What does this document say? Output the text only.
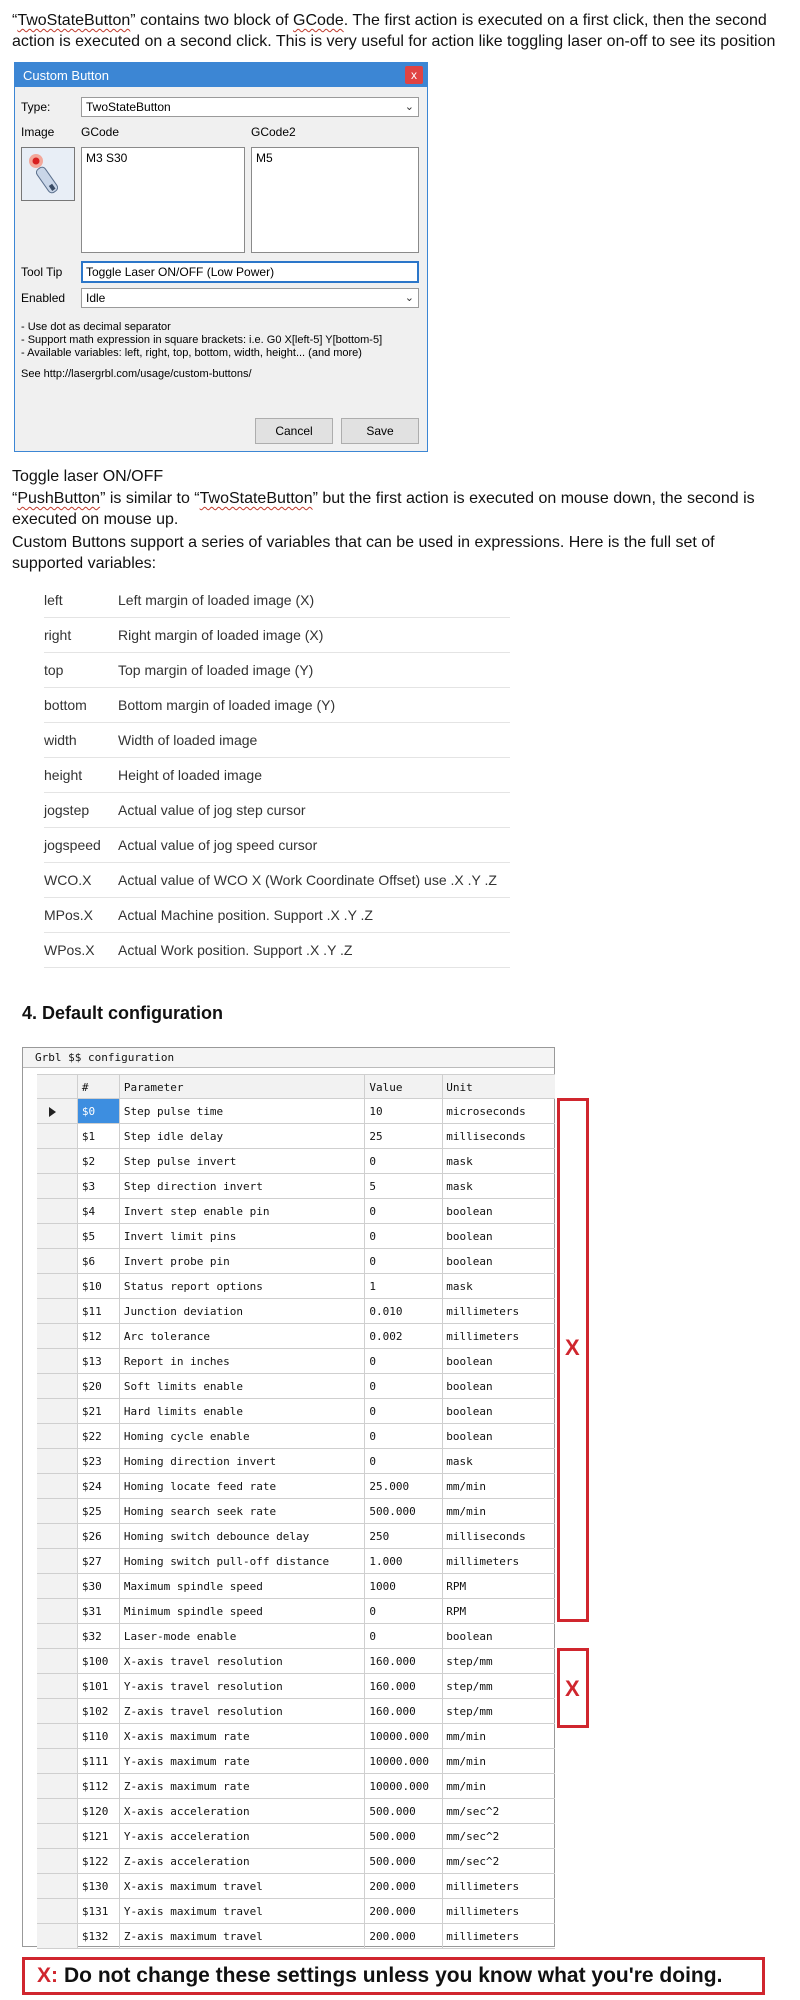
“TwoStateButton” contains two block of GCode. The first action is executed on a first click, then the second action is executed on a second click. This is very useful for action like toggling laser on-off to see its position
Custom Button	x
Type:	TwoStateButton	⌄
Image GCode	GCode2
M3 S30	M5
Tool Tip	Toggle Laser ON/OFF (Low Power)
Enabled	Idle	⌄
- Use dot as decimal separator
- Support math expression in square brackets: i.e. G0 X[left-5] Y[bottom-5]
- Available variables: left, right, top, bottom, width, height... (and more)
See http://lasergrbl.com/usage/custom-buttons/
Cancel	Save
Toggle laser ON/OFF
“PushButton” is similar to “TwoStateButton” but the first action is executed on mouse down, the second is executed on mouse up.
Custom Buttons support a series of variables that can be used in expressions. Here is the full set of supported variables:
left	Left margin of loaded image (X)
right	Right margin of loaded image (X)
top	Top margin of loaded image (Y)
bottom	Bottom margin of loaded image (Y)
width	Width of loaded image
height	Height of loaded image
jogstep	Actual value of jog step cursor
jogspeed Actual value of jog speed cursor
WCO.X	Actual value of WCO X (Work Coordinate Offset) use .X .Y .Z
MPos.X	Actual Machine position. Support .X .Y .Z
WPos.X	Actual Work position. Support .X .Y .Z
4. Default configuration
Grbl $$ configuration
#	Parameter	Value	Unit
$0	Step pulse time	10	microseconds
$1	Step idle delay	25	milliseconds
$2	Step pulse invert	0	mask
$3	Step direction invert	5	mask
$4	Invert step enable pin	0	boolean
$5	Invert limit pins	0	boolean
$6	Invert probe pin	0	boolean
$10	Status report options	1	mask
$11	Junction deviation	0.010	millimeters
$12	Arc tolerance	0.002	millimeters
$13	Report in inches	0	boolean
$20	Soft limits enable	0	boolean
$21	Hard limits enable	0	boolean
$22	Homing cycle enable	0	boolean
$23	Homing direction invert	0	mask
$24	Homing locate feed rate	25.000	mm/min
$25	Homing search seek rate	500.000	mm/min
$26	Homing switch debounce delay	250	milliseconds
$27	Homing switch pull-off distance	1.000	millimeters
$30	Maximum spindle speed	1000	RPM
$31	Minimum spindle speed	0	RPM
$32	Laser-mode enable	0	boolean
$100	X-axis travel resolution	160.000	step/mm
$101	Y-axis travel resolution	160.000	step/mm
$102	Z-axis travel resolution	160.000	step/mm
$110	X-axis maximum rate	10000.000	mm/min
$111	Y-axis maximum rate	10000.000	mm/min
$112	Z-axis maximum rate	10000.000	mm/min
$120	X-axis acceleration	500.000	mm/sec^2
$121	Y-axis acceleration	500.000	mm/sec^2
$122	Z-axis acceleration	500.000	mm/sec^2
$130	X-axis maximum travel	200.000	millimeters
$131	Y-axis maximum travel	200.000	millimeters
$132	Z-axis maximum travel	200.000	millimeters
X
X
X: Do not change these settings unless you know what you're doing.
